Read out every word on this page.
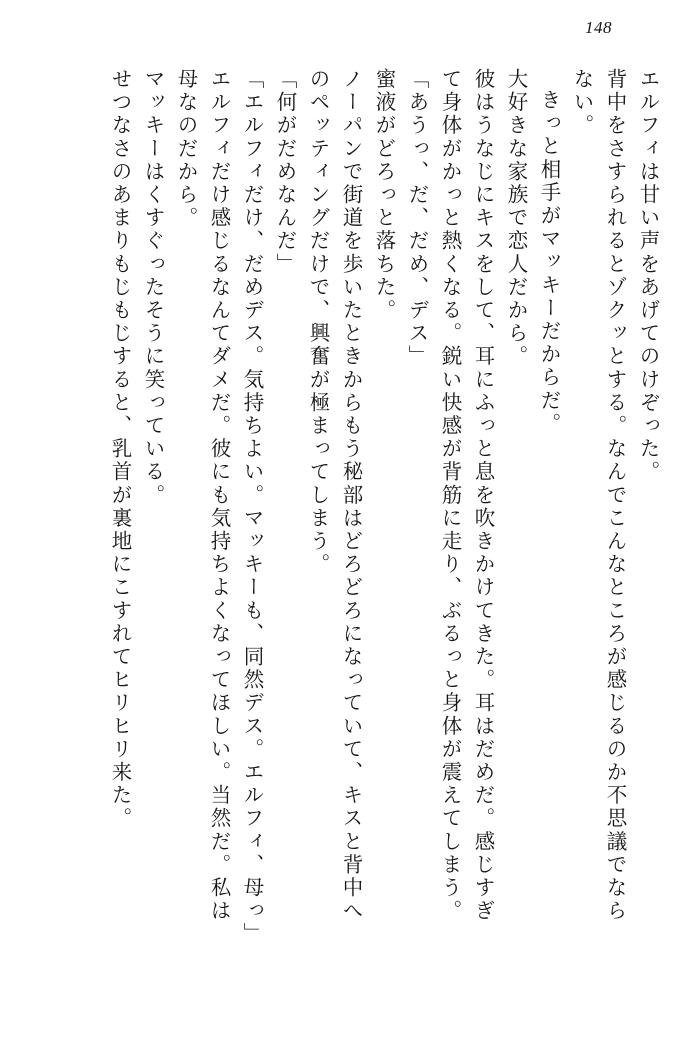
148
エルフィは甘い声をあげてのけぞった。
背中をさすられるとゾクッとする。なんでこんなところが感じるのか不思議でなら
ない。
きっと相手がマッキーだからだ。
大好きな家族で恋人だから。
彼はうなじにキスをして、耳にふっと息を吹きかけてきた。耳はだめだ。感じすぎ
て身体がかっと熱くなる。鋭い快感が背筋に走り、ぶるっと身体が震えてしまう。
「あうっ、だ、だめ、デス」
蜜液がどろっと落ちた。
ノーパンで街道を歩いたときからもう秘部はどろどろになっていて、キスと背中へ
のペッティングだけで、興奮が極まってしまう。
「何がだめなんだ」
「エルフィだけ、だめデス。気持ちよい。マッキーも、同然デス。エルフィ、母っ」
エルフィだけ感じるなんてダメだ。彼にも気持ちよくなってほしい。当然だ。私は
母なのだから。
マッキーはくすぐったそうに笑っている。
せつなさのあまりもじもじすると、乳首が裏地にこすれてヒリヒリ来た。
